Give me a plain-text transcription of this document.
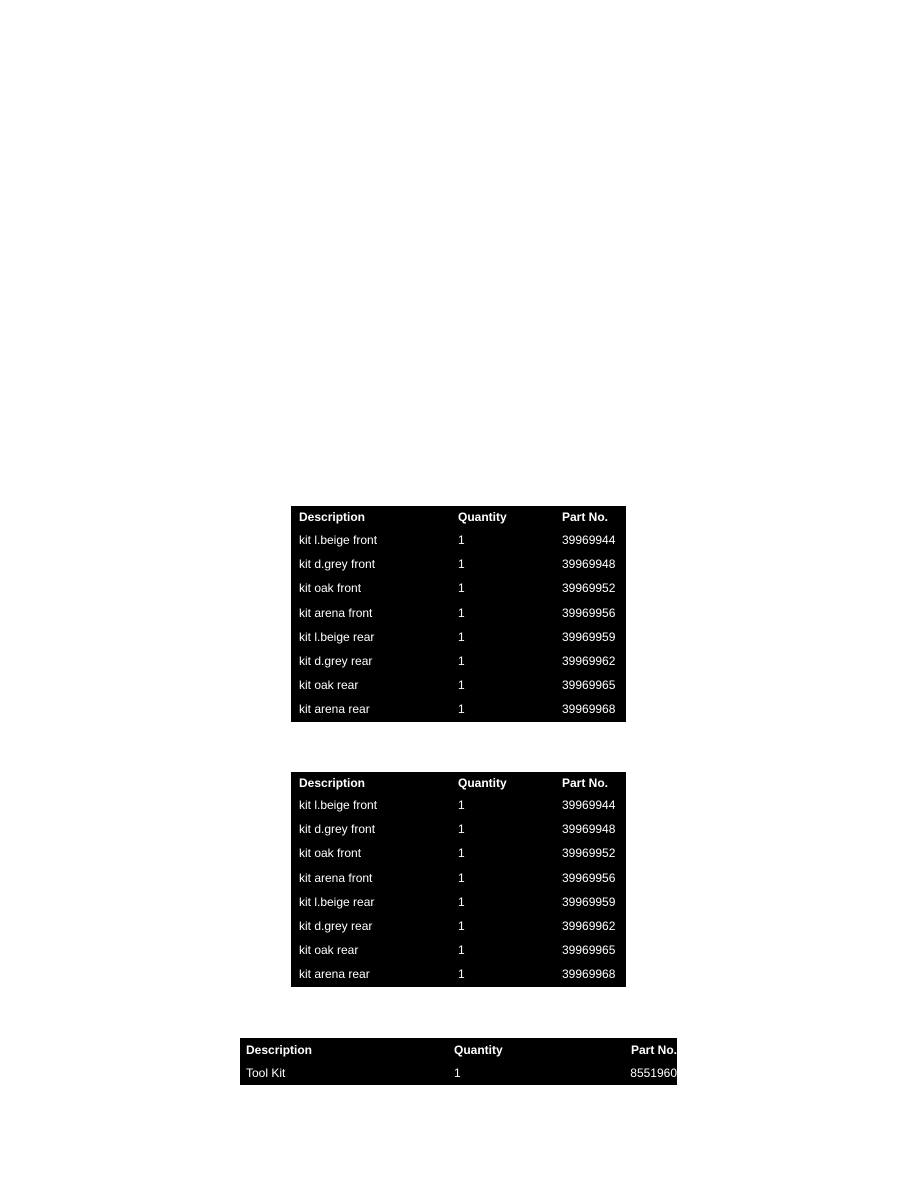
Description	Quantity	Part No.
kit l.beige front	1	39969944
kit d.grey front	1	39969948
kit oak front	1	39969952
kit arena front	1	39969956
kit l.beige rear	1	39969959
kit d.grey rear	1	39969962
kit oak rear	1	39969965
kit arena rear	1	39969968
Description	Quantity	Part No.
kit l.beige front	1	39969944
kit d.grey front	1	39969948
kit oak front	1	39969952
kit arena front	1	39969956
kit l.beige rear	1	39969959
kit d.grey rear	1	39969962
kit oak rear	1	39969965
kit arena rear	1	39969968
Description	Quantity	Part No.
Tool Kit	1	8551960
